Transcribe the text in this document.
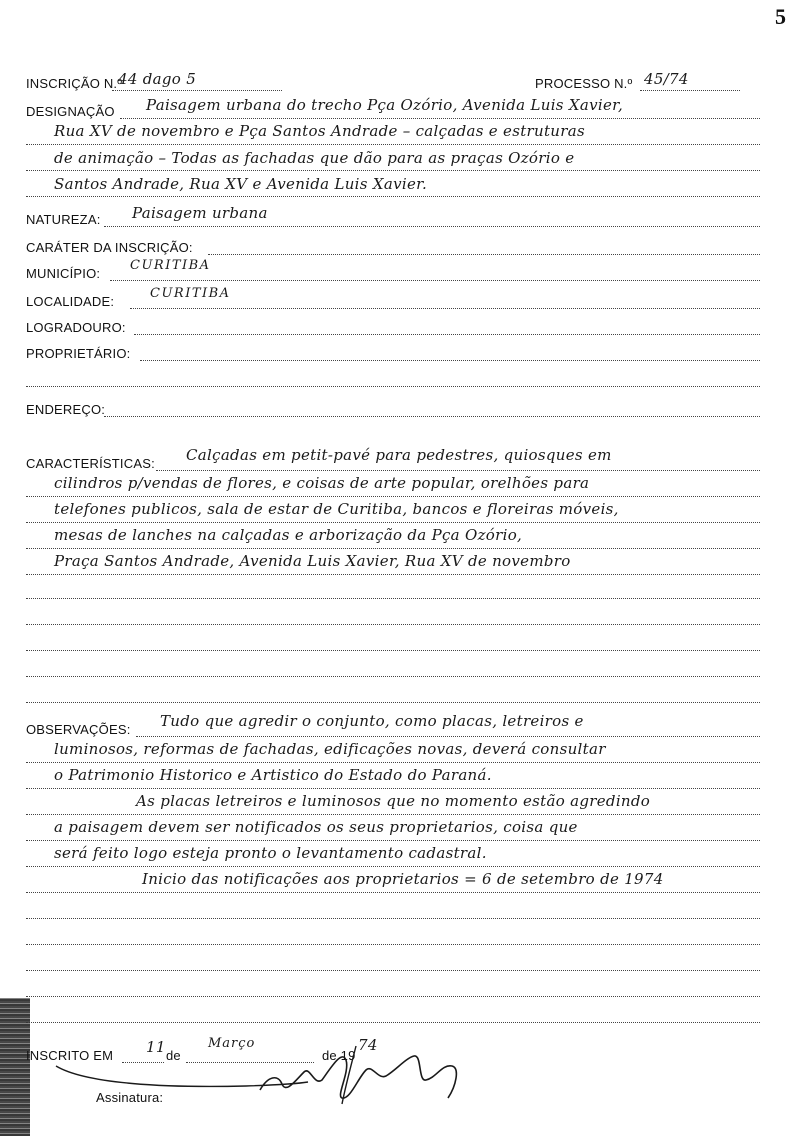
5
INSCRIÇÃO N.º
44 dago 5	PROCESSO N.º 45/74
DESIGNAÇÃO Paisagem urbana do trecho Pça Ozório, Avenida Luis Xavier,
Rua XV de novembro e Pça Santos Andrade – calçadas e estruturas
de animação – Todas as fachadas que dão para as praças Ozório e
Santos Andrade, Rua XV e Avenida Luis Xavier.
NATUREZA: Paisagem urbana
CARÁTER DA INSCRIÇÃO:
MUNICÍPIO:
CURITIBA
LOCALIDADE:
CURITIBA
LOGRADOURO:
PROPRIETÁRIO:
ENDEREÇO:
CARACTERÍSTICAS: Calçadas em petit-pavé para pedestres, quiosques em
cilindros p/vendas de flores, e coisas de arte popular, orelhões para
telefones publicos, sala de estar de Curitiba, bancos e floreiras móveis,
mesas de lanches na calçadas e arborização da Pça Ozório,
Praça Santos Andrade, Avenida Luis Xavier, Rua XV de novembro
OBSERVAÇÕES: Tudo que agredir o conjunto, como placas, letreiros e
luminosos, reformas de fachadas, edificações novas, deverá consultar
o Patrimonio Historico e Artistico do Estado do Paraná.
As placas letreiros e luminosos que no momento estão agredindo
a paisagem devem ser notificados os seus proprietarios, coisa que
será feito logo esteja pronto o levantamento cadastral.
Inicio das notificações aos proprietarios = 6 de setembro de 1974
INSCRITO EM 11 de
Março
de 19
74
Assinatura:
